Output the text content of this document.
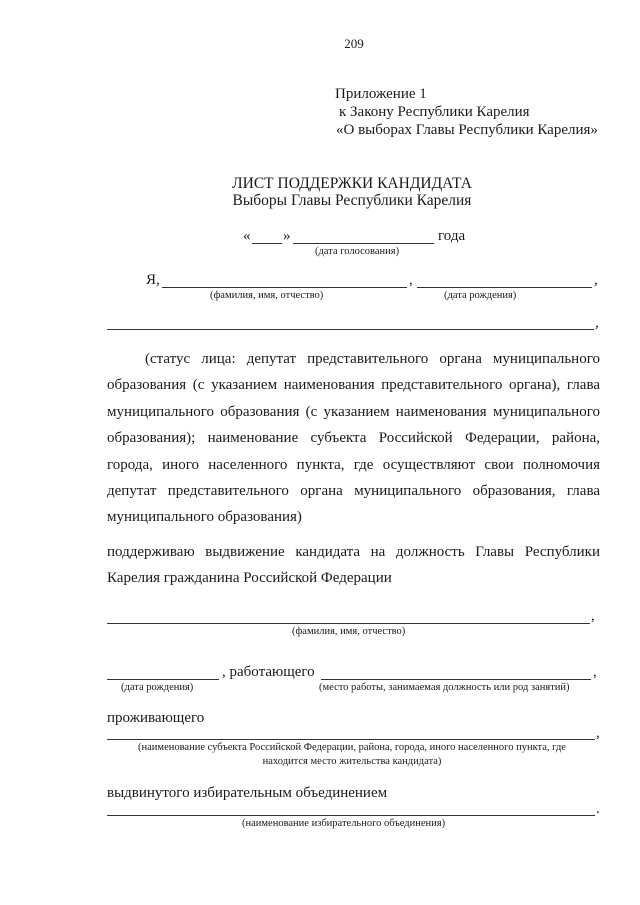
209
Приложение 1
к Закону Республики Карелия
«О выборах Главы Республики Карелия»
ЛИСТ ПОДДЕРЖКИ КАНДИДАТА
Выборы Главы Республики Карелия
« »	года
(дата голосования)
Я,	,	,
(фамилия, имя, отчество)	(дата рождения)
,
(статус лица: депутат представительного органа муниципального образования (с указанием наименования представительного органа), глава муниципального образования (с указанием наименования муниципального образования); наименование субъекта Российской Федерации, района, города, иного населенного пункта, где осуществляют свои полномочия депутат представительного органа муниципального образования, глава муниципального образования)
поддерживаю выдвижение кандидата на должность Главы Республики Карелия гражданина Российской Федерации
,
(фамилия, имя, отчество)
, работающего	,
(дата рождения)	(место работы, занимаемая должность или род занятий)
проживающего
,
(наименование субъекта Российской Федерации, района, города, иного населенного пункта, где
находится место жительства кандидата)
выдвинутого избирательным объединением
.
(наименование избирательного объединения)
